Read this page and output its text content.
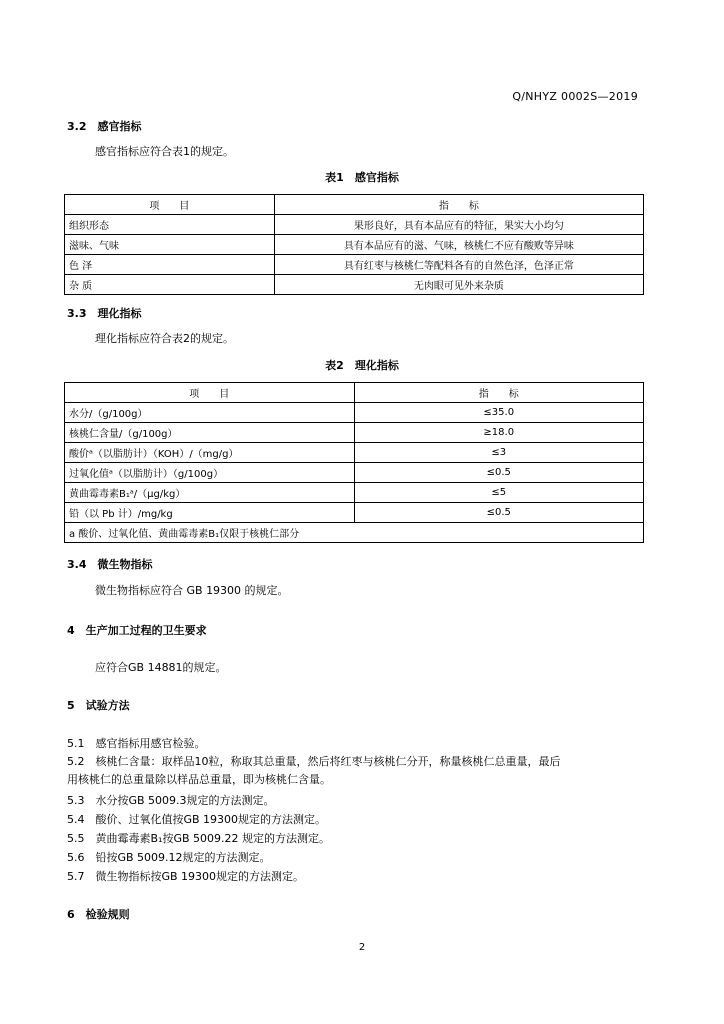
Q/NHYZ 0002S—2019
3.2　感官指标
感官指标应符合表1的规定。
表1　感官指标
项　　目	指　　标
组织形态	果形良好，具有本品应有的特征，果实大小均匀
滋味、气味	具有本品应有的滋、气味，核桃仁不应有酸败等异味
色 泽	具有红枣与核桃仁等配料各有的自然色泽，色泽正常
杂 质	无肉眼可见外来杂质
3.3　理化指标
理化指标应符合表2的规定。
表2　理化指标
项　　目	指　　标
水分/（g/100g）	≤35.0
核桃仁含量/（g/100g）	≥18.0
酸价ᵃ（以脂肪计）（KOH）/（mg/g）	≤3
过氧化值ᵃ（以脂肪计）（g/100g）	≤0.5
黄曲霉毒素B₁ᵃ/（μg/kg）	≤5
铅（以 Pb 计）/mg/kg	≤0.5
a 酸价、过氧化值、黄曲霉毒素B₁仅限于核桃仁部分	
3.4　微生物指标
微生物指标应符合 GB 19300 的规定。
4　生产加工过程的卫生要求
应符合GB 14881的规定。
5　试验方法
5.1　感官指标用感官检验。
5.2　核桃仁含量：取样品10粒，称取其总重量，然后将红枣与核桃仁分开，称量核桃仁总重量，最后
用核桃仁的总重量除以样品总重量，即为核桃仁含量。
5.3　水分按GB 5009.3规定的方法测定。
5.4　酸价、过氧化值按GB 19300规定的方法测定。
5.5　黄曲霉毒素B₁按GB 5009.22 规定的方法测定。
5.6　铅按GB 5009.12规定的方法测定。
5.7　微生物指标按GB 19300规定的方法测定。
6　检验规则
2
